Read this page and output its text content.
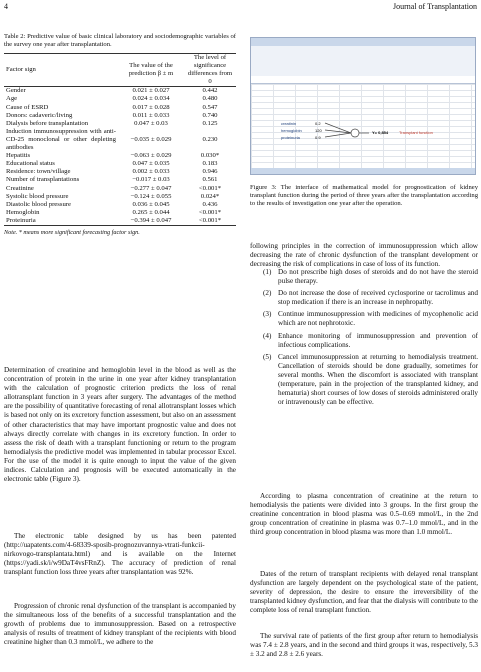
4	Journal of Transplantation
Table 2: Predictive value of basic clinical laboratory and sociodemographic variables of the survey one year after transplantation.
Factor sign	The value of the prediction β ± m	The level of significance differences from 0
Gender	0.021 ± 0.027	0.442
Age	0.024 ± 0.034	0.480
Cause of ESRD	0.017 ± 0.028	0.547
Donors: cadaveric/living	0.011 ± 0.033	0.740
Dialysis before transplantation	0.047 ± 0.03	0.125
Induction immunosuppression with anti-CD-25 monoclonal or other depleting antibodies	−0.035 ± 0.029	0.230
Hepatitis	−0.063 ± 0.029	0.030*
Educational status	0.047 ± 0.035	0.183
Residence: town/village	0.002 ± 0.033	0.946
Number of transplantations	−0.017 ± 0.03	0.561
Creatinine	−0.277 ± 0.047	<0.001*
Systolic blood pressure	−0.124 ± 0.055	0.024*
Diastolic blood pressure	0.036 ± 0.045	0.436
Hemoglobin	0.265 ± 0.044	<0.001*
Proteinuria	−0.394 ± 0.047	<0.001*
Note. * means more significant forecasting factor sign.
creatinin
hemoglobin
proteinuria
0.2
120
0.9
Y= 0,854	Transplant function
Figure 3: The interface of mathematical model for prognostication of kidney transplant function during the period of three years after the transplantation according to the results of investigation one year after the operation.
following principles in the correction of immunosuppression which allow decreasing the rate of chronic dysfunction of the transplant development or decreasing the risk of complications in case of loss of its function.
(1) Do not prescribe high doses of steroids and do not have the steroid pulse therapy.
(2) Do not increase the dose of received cyclosporine or tacrolimus and stop medication if there is an increase in nephropathy.
(3) Continue immunosuppression with medicines of mycophenolic acid which are not nephrotoxic.
(4) Enhance monitoring of immunosuppression and prevention of infectious complications.
(5) Cancel immunosuppression at returning to hemodialysis treatment. Cancellation of steroids should be done gradually, sometimes for several months. When the discomfort is associated with transplant (temperature, pain in the projection of the transplanted kidney, and hematuria) short courses of low doses of steroids administered orally or intravenously can be effective.
Determination of creatinine and hemoglobin level in the blood as well as the concentration of protein in the urine in one year after kidney transplantation with the calculation of prognostic criterion predicts the loss of renal allotransplant function in 3 years after surgery. The advantages of the method are the possibility of quantitative forecasting of renal allotransplant losses which is based not only on its excretory function assessment, but also on an assessment of other characteristics that may have important prognostic value and does not always directly correlate with changes in its excretory function. In order to assess the risk of death with a transplant functioning or return to the program hemodialysis the predictive model was implemented in tabular processor Excel. For the use of the model it is quite enough to input the value of the given indices. Calculation and prognosis will be executed automatically in the electronic table (Figure 3).
The electronic table designed by us has been patented (http://uapatents.com/4-68339-sposib-prognozuvannya-vtrati-funkcii-nirkovogo-transplantata.html) and is available on the Internet (https://yadi.sk/i/w9DaT4vsFRnZ). The accuracy of prediction of renal transplant function loss three years after transplantation was 92%.
Progression of chronic renal dysfunction of the transplant is accompanied by the simultaneous loss of the benefits of a successful transplantation and the growth of problems due to immunosuppression. Based on a retrospective analysis of results of treatment of kidney transplant of the recipients with blood creatinine higher than 0.3 mmol/L, we adhere to the
According to plasma concentration of creatinine at the return to hemodialysis the patients were divided into 3 groups. In the first group the creatinine concentration in blood plasma was 0.5–0.69 mmol/L, in the 2nd group concentration of creatinine in plasma was 0.7–1.0 mmol/L, and in the third group concentration in blood plasma was more than 1.0 mmol/L.
Dates of the return of transplant recipients with delayed renal transplant dysfunction are largely dependent on the psychological state of the patient, severity of depression, the desire to ensure the irreversibility of the transplanted kidney dysfunction, and fear that the dialysis will contribute to the complete loss of renal transplant function.
The survival rate of patients of the first group after return to hemodialysis was 7.4 ± 2.8 years, and in the second and third groups it was, respectively, 5.3 ± 3.2 and 2.8 ± 2.6 years.
